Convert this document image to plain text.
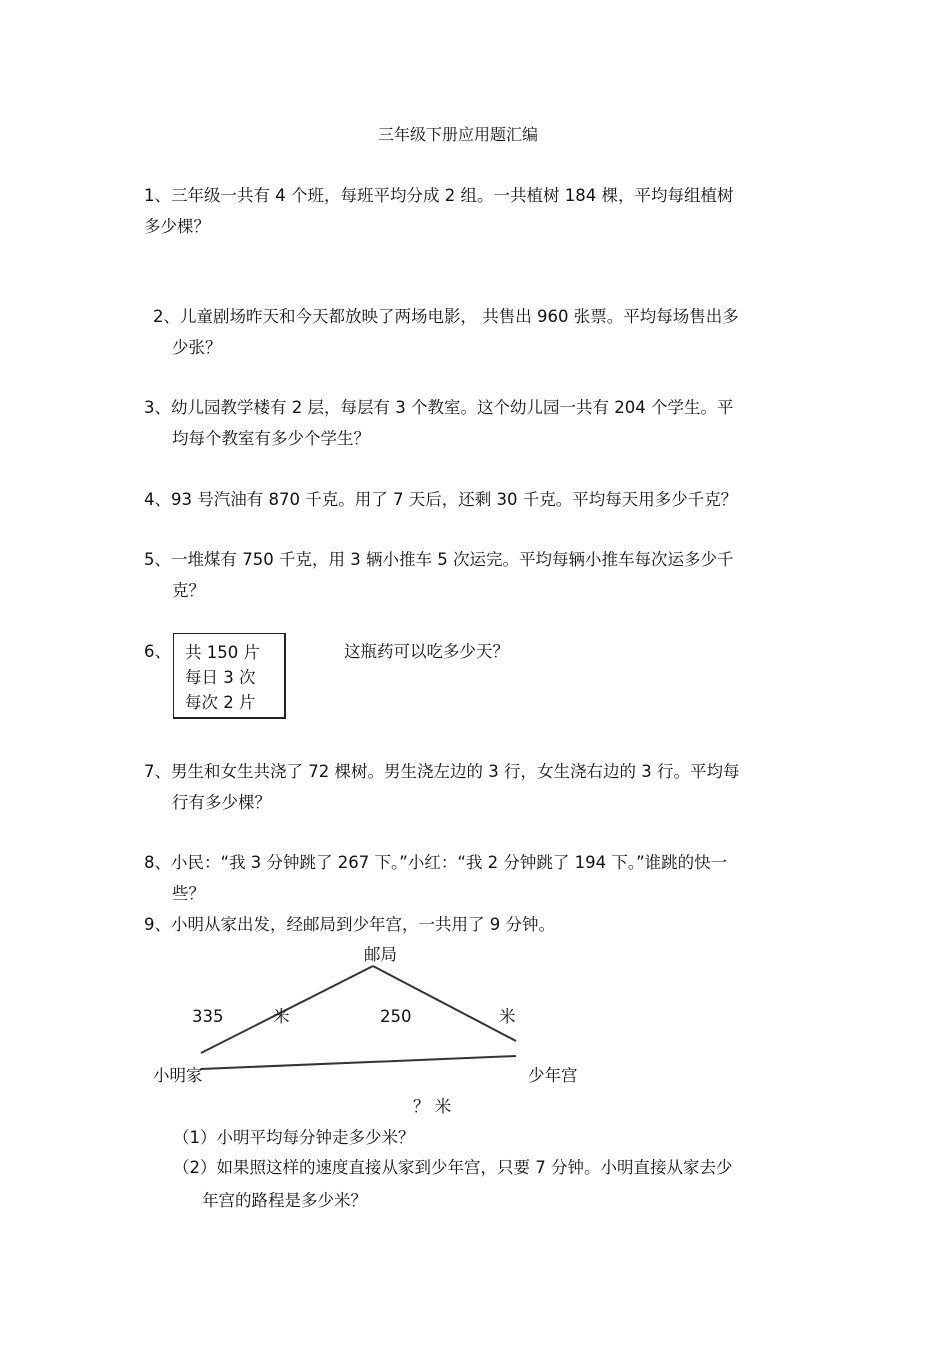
三年级下册应用题汇编
1、三年级一共有 4 个班，每班平均分成 2 组。一共植树 184 棵，平均每组植树
多少棵？
2、儿童剧场昨天和今天都放映了两场电影， 共售出 960 张票。平均每场售出多
少张？
3、幼儿园教学楼有 2 层，每层有 3 个教室。这个幼儿园一共有 204 个学生。平
均每个教室有多少个学生？
4、93 号汽油有 870 千克。用了 7 天后，还剩 30 千克。平均每天用多少千克？
5、一堆煤有 750 千克，用 3 辆小推车 5 次运完。平均每辆小推车每次运多少千
克？
6、 共 150 片
每日 3 次
每次 2 片
这瓶药可以吃多少天？
7、男生和女生共浇了 72 棵树。男生浇左边的 3 行，女生浇右边的 3 行。平均每
行有多少棵？
8、小民：“我 3 分钟跳了 267 下。”小红：“我 2 分钟跳了 194 下。”谁跳的快一
些？
9、小明从家出发，经邮局到少年宫，一共用了 9 分钟。
邮局
335	米	250	米
小明家	少年宫
？ 米
（1）小明平均每分钟走多少米？
（2）如果照这样的速度直接从家到少年宫，只要 7 分钟。小明直接从家去少
年宫的路程是多少米？
